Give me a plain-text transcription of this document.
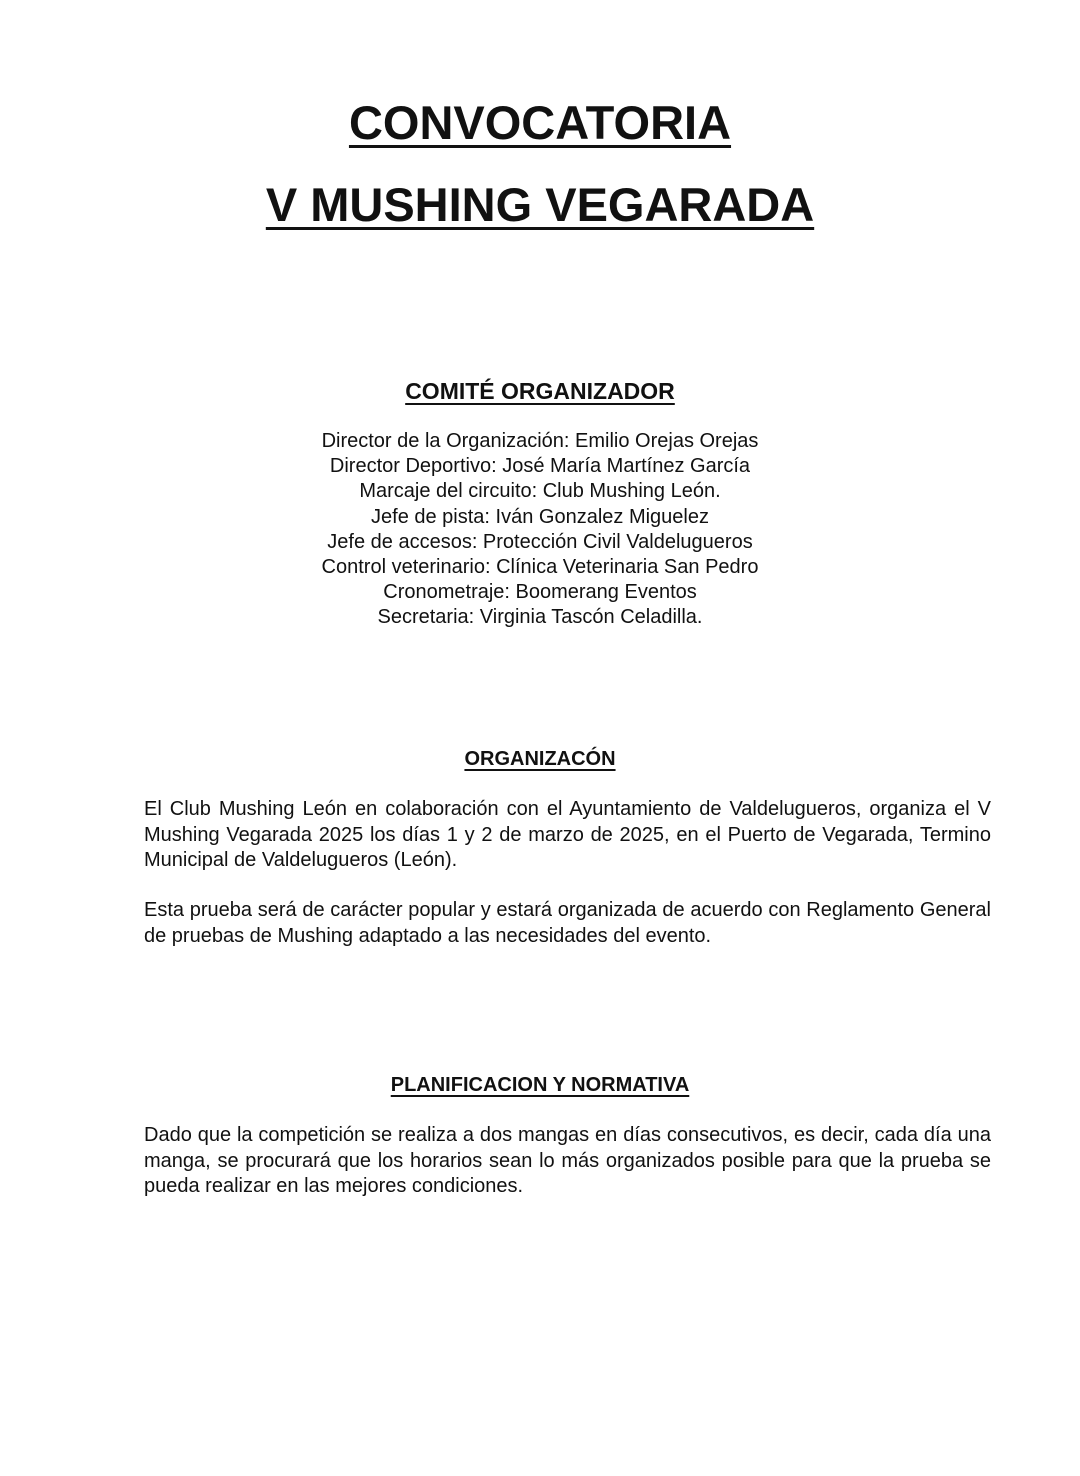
CONVOCATORIA
V MUSHING VEGARADA
COMITÉ ORGANIZADOR
Director de la Organización: Emilio Orejas Orejas
Director Deportivo: José María Martínez García
Marcaje del circuito: Club Mushing León.
Jefe de pista: Iván Gonzalez Miguelez
Jefe de accesos: Protección Civil Valdelugueros
Control veterinario: Clínica Veterinaria San Pedro
Cronometraje: Boomerang Eventos
Secretaria: Virginia Tascón Celadilla.
ORGANIZACÓN

El Club Mushing León en colaboración con el Ayuntamiento de Valdelugueros, organiza el V Mushing Vegarada 2025 los días 1 y 2 de marzo de 2025, en el Puerto de Vegarada, Termino Municipal de Valdelugueros (León).

Esta prueba será de carácter popular y estará organizada de acuerdo con Reglamento General de pruebas de Mushing adaptado a las necesidades del evento.

PLANIFICACION Y NORMATIVA

Dado que la competición se realiza a dos mangas en días consecutivos, es decir, cada día una manga, se procurará que los horarios sean lo más organizados posible para que la prueba se pueda realizar en las mejores condiciones.
